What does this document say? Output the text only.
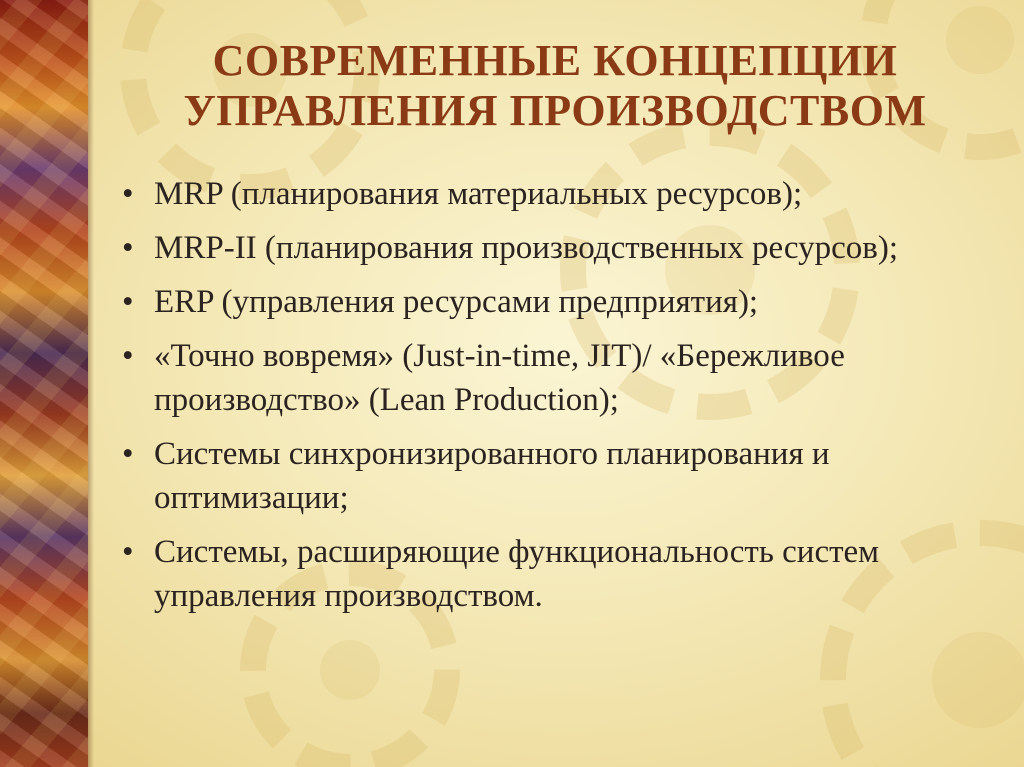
СОВРЕМЕННЫЕ КОНЦЕПЦИИ
УПРАВЛЕНИЯ ПРОИЗВОДСТВОМ
• MRP (планирования материальных ресурсов);
• MRP-II (планирования производственных ресурсов);
• ERP (управления ресурсами предприятия);
• «Точно вовремя» (Just-in-time, JIT)/ «Бережливое производство» (Lean Production);
• Системы синхронизированного планирования и оптимизации;
• Системы, расширяющие функциональность систем управления производством.
